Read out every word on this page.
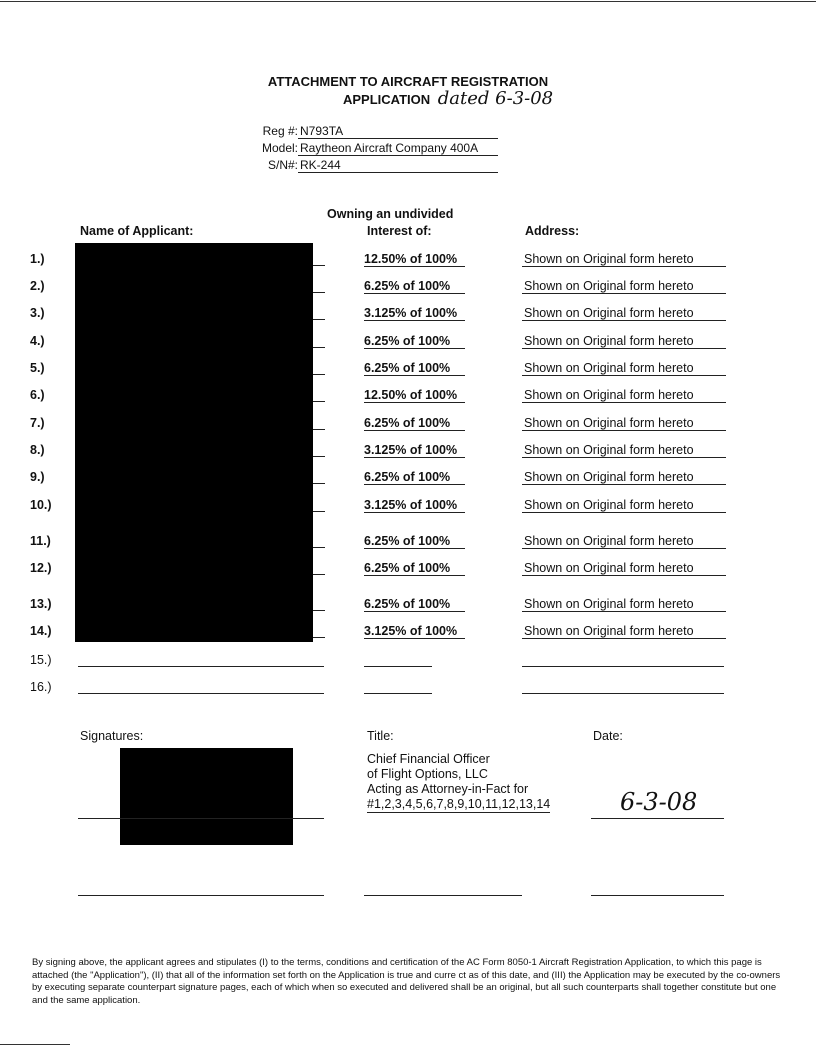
ATTACHMENT TO AIRCRAFT REGISTRATION
APPLICATION dated 6-3-08
Reg #: N793TA
Model: Raytheon Aircraft Company 400A
S/N#: RK-244
Owning an undivided
Name of Applicant:	Interest of:	Address:
1.)	12.50% of 100%	Shown on Original form hereto
2.)	6.25% of 100%	Shown on Original form hereto
3.)	3.125% of 100%	Shown on Original form hereto
4.)	6.25% of 100%	Shown on Original form hereto
5.)	6.25% of 100%	Shown on Original form hereto
6.)	12.50% of 100%	Shown on Original form hereto
7.)	6.25% of 100%	Shown on Original form hereto
8.)	3.125% of 100%	Shown on Original form hereto
9.)	6.25% of 100%	Shown on Original form hereto
10.)	3.125% of 100%	Shown on Original form hereto
11.)	6.25% of 100%	Shown on Original form hereto
12.)	6.25% of 100%	Shown on Original form hereto
13.)	6.25% of 100%	Shown on Original form hereto
14.)	3.125% of 100%	Shown on Original form hereto
15.)
16.)
Signatures:	Title:	Date:
Chief Financial Officer
of Flight Options, LLC
Acting as Attorney-in-Fact for
#1,2,3,4,5,6,7,8,9,10,11,12,13,14	6-3-08
By signing above, the applicant agrees and stipulates (I) to the terms, conditions and certification of the AC Form 8050-1 Aircraft Registration Application, to which this page is attached (the "Application"), (II) that all of the information set forth on the Application is true and curre ct as of this date, and (III) the Application may be executed by the co-owners by executing separate counterpart signature pages, each of which when so executed and delivered shall be an original, but all such counterparts shall together constitute but one and the same application.
